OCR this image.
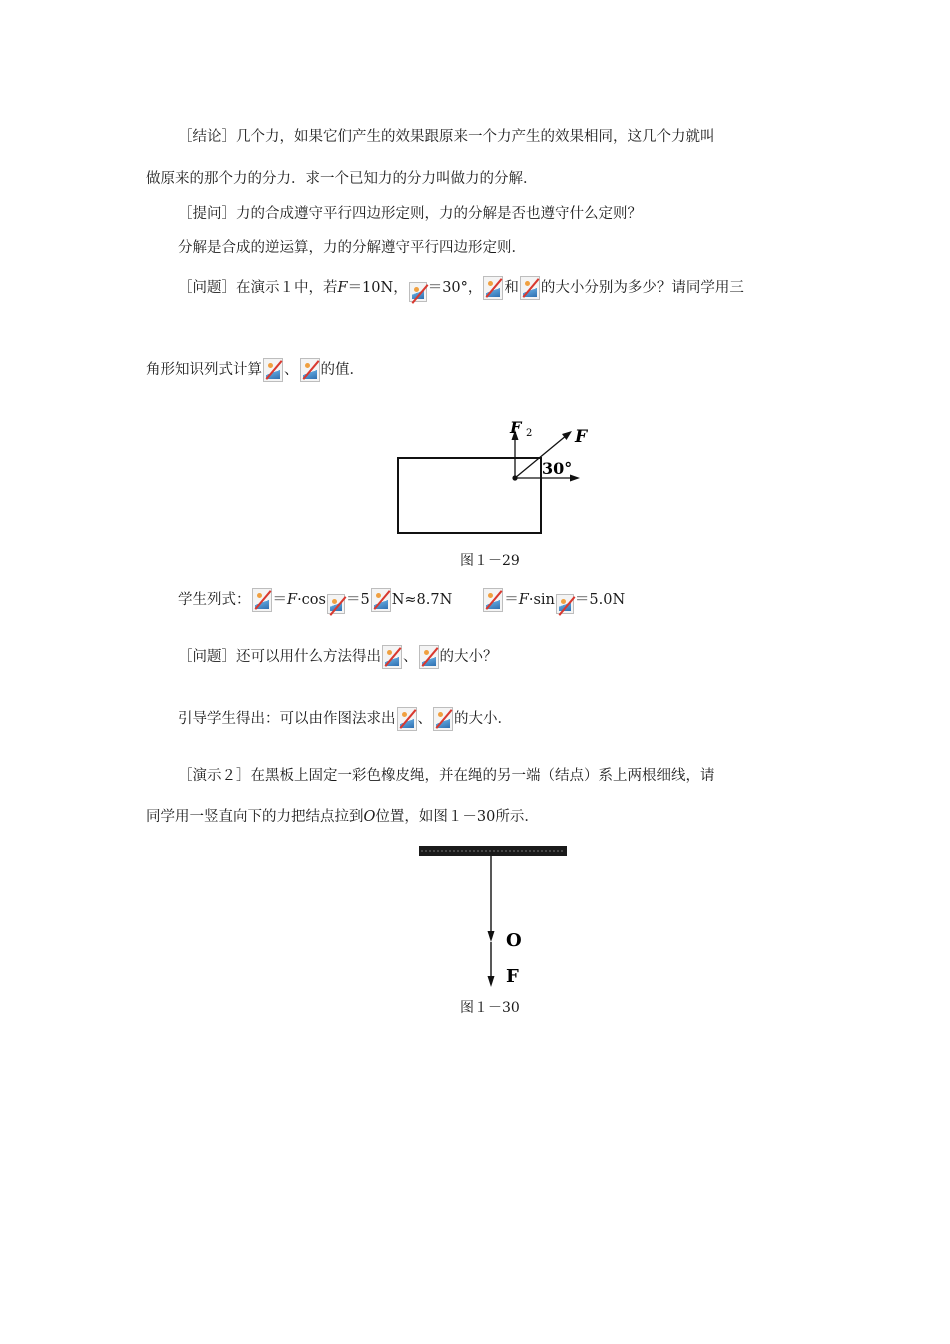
［结论］几个力，如果它们产生的效果跟原来一个力产生的效果相同，这几个力就叫
做原来的那个力的分力．求一个已知力的分力叫做力的分解．
［提问］力的合成遵守平行四边形定则，力的分解是否也遵守什么定则？
分解是合成的逆运算，力的分解遵守平行四边形定则．
［问题］在演示１中，若F＝10N， ＝30°， 和 的大小分别为多少？请同学用三
角形知识列式计算 、 的值．
F 2	F
30°
图１－29
学生列式： ＝F·cos ＝5 N≈8.7N	＝F·sin ＝5.0N
［问题］还可以用什么方法得出 、 的大小？
引导学生得出：可以由作图法求出 、 的大小．
［演示２］在黑板上固定一彩色橡皮绳，并在绳的另一端（结点）系上两根细线，请
同学用一竖直向下的力把结点拉到O位置，如图１－30所示．
O
F
图１－30
